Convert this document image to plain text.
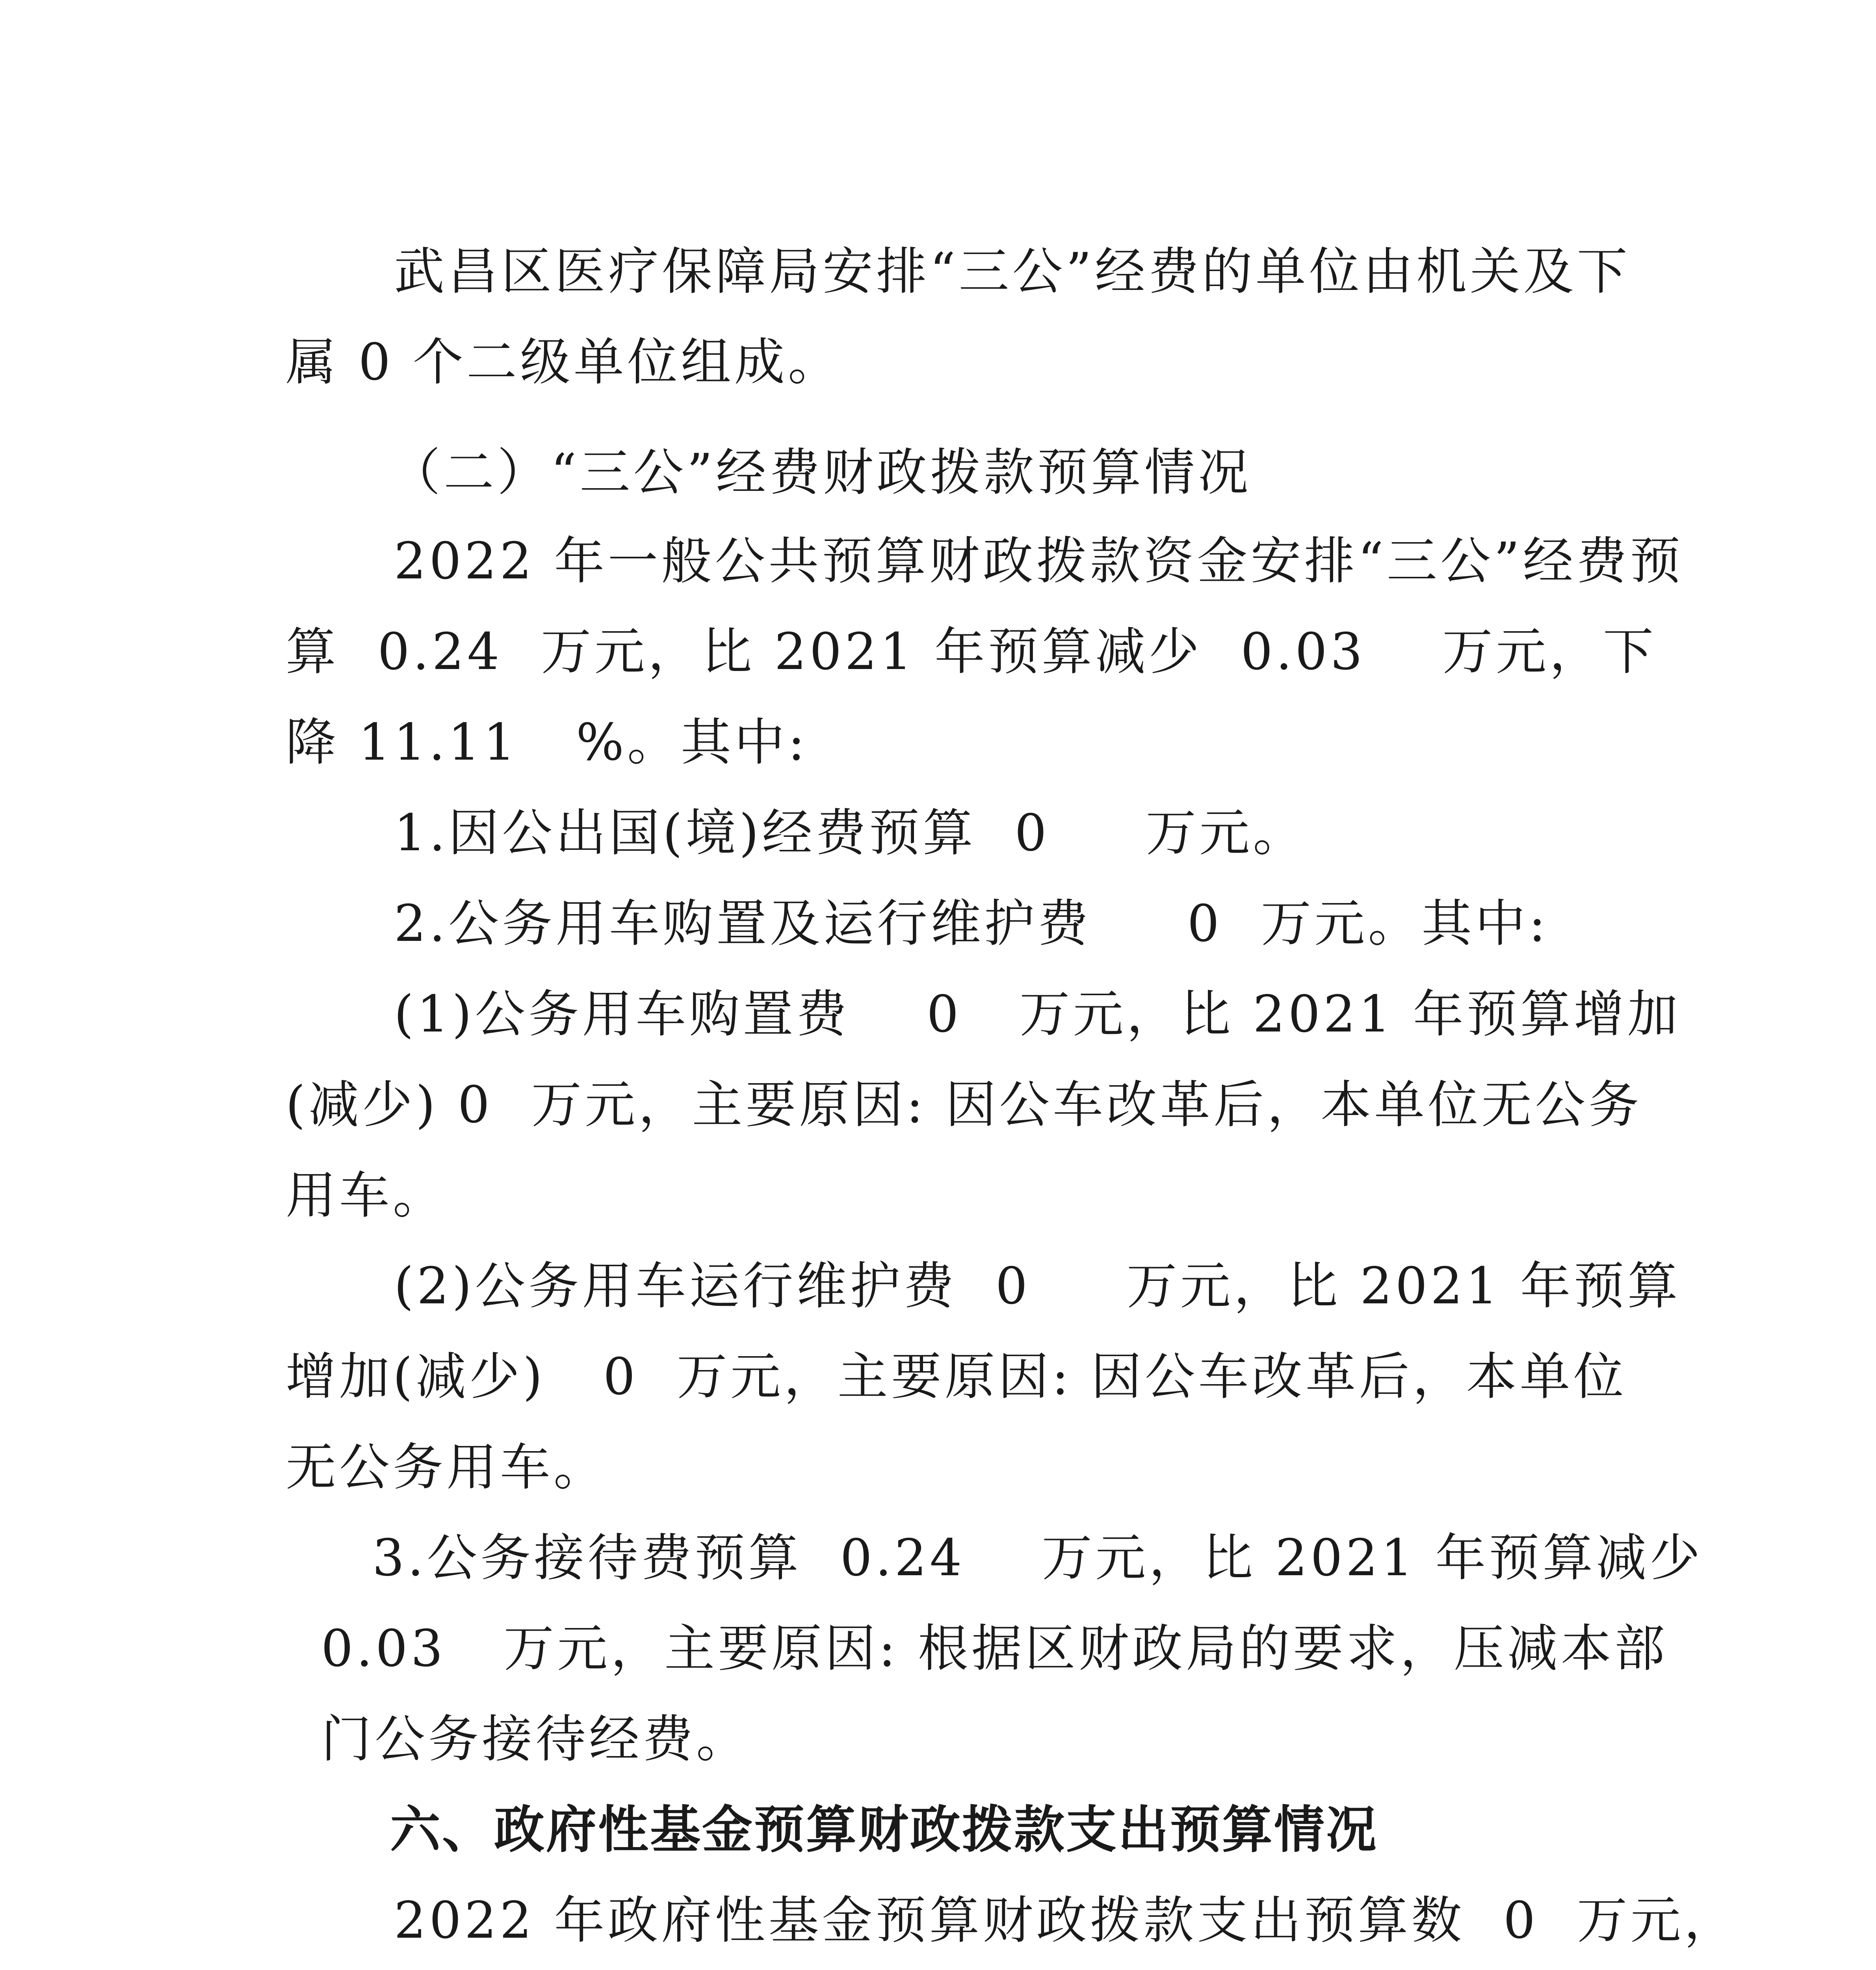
武昌区医疗保障局安排“三公”经费的单位由机关及下
属 0 个二级单位组成。
（二）“三公”经费财政拨款预算情况
2022 年一般公共预算财政拨款资金安排“三公”经费预
算  0.24  万元，比 2021 年预算减少  0.03    万元，下
降 11.11   %。其中:
1.因公出国(境)经费预算  0     万元。
2.公务用车购置及运行维护费     0  万元。其中:
(1)公务用车购置费    0   万元，比 2021 年预算增加
(减少) 0  万元，主要原因: 因公车改革后，本单位无公务
用车。
(2)公务用车运行维护费  0     万元，比 2021 年预算
增加(减少)   0  万元，主要原因: 因公车改革后，本单位
无公务用车。
3.公务接待费预算  0.24    万元，比 2021 年预算减少
0.03   万元，主要原因: 根据区财政局的要求，压减本部
门公务接待经费。
六、政府性基金预算财政拨款支出预算情况
2022 年政府性基金预算财政拨款支出预算数  0  万元，
